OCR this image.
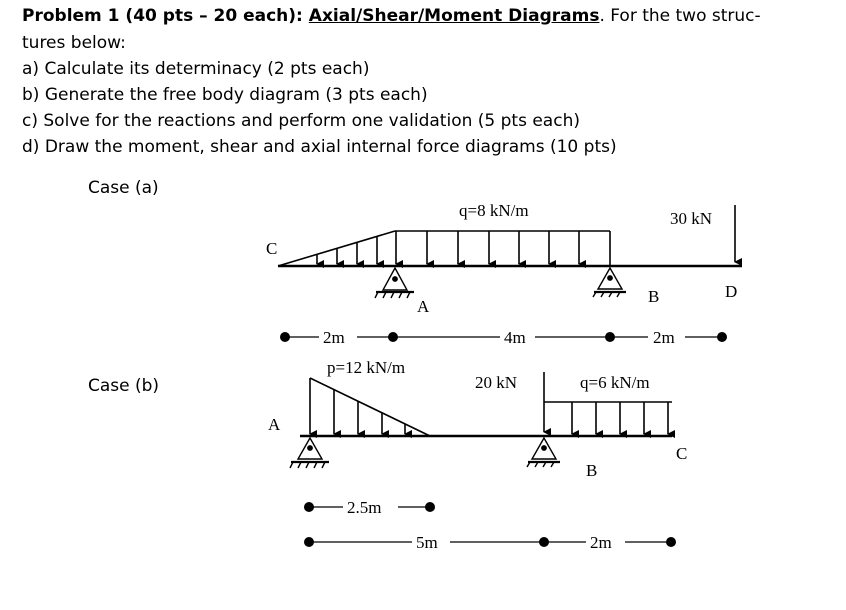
Problem 1 (40 pts – 20 each): Axial/Shear/Moment Diagrams. For the two struc-
tures below:
a) Calculate its determinacy (2 pts each)
b) Generate the free body diagram (3 pts each)
c) Solve for the reactions and perform one validation (5 pts each)
d) Draw the moment, shear and axial internal force diagrams (10 pts)
Case (a)
Case (b)
q=8 kN/m	30 kN
C
A
B	D
2m	4m	2m
p=12 kN/m
20 kN	q=6 kN/m
A
B
C
2.5m
5m	2m
